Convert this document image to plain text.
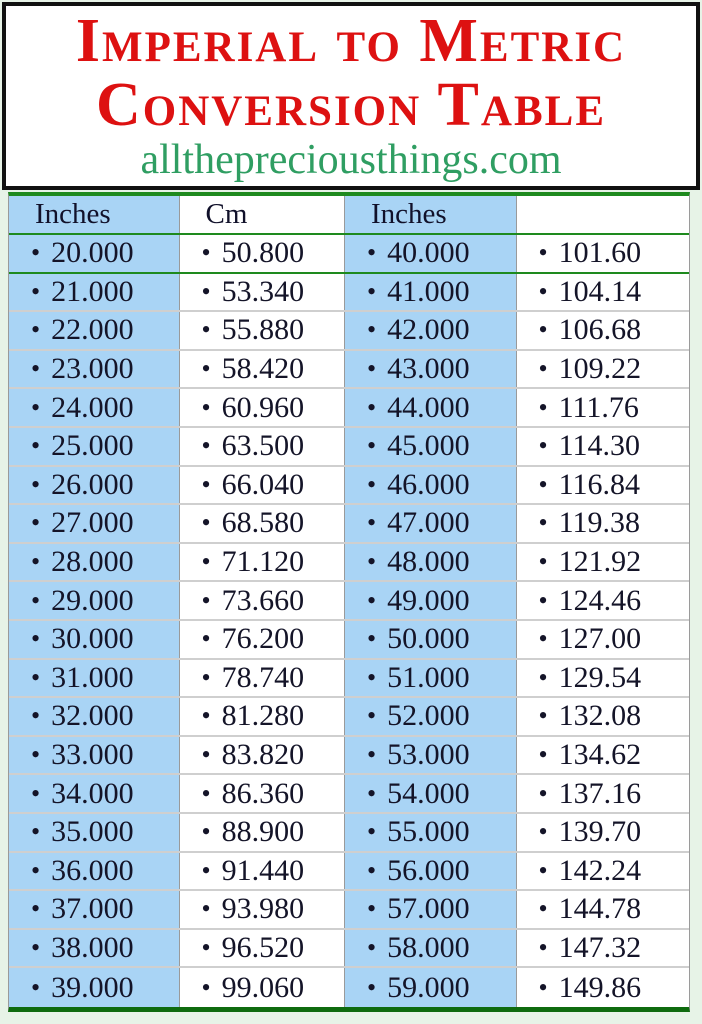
Imperial to Metric
Conversion Table
allthepreciousthings.com
Inches	Cm	Inches
• 20.000	• 50.800 • 40.000	• 101.60
• 21.000	• 53.340 • 41.000	• 104.14
• 22.000	• 55.880 • 42.000	• 106.68
• 23.000	• 58.420 • 43.000	• 109.22
• 24.000	• 60.960 • 44.000	• 111.76
• 25.000	• 63.500 • 45.000	• 114.30
• 26.000	• 66.040 • 46.000	• 116.84
• 27.000	• 68.580 • 47.000	• 119.38
• 28.000	• 71.120 • 48.000	• 121.92
• 29.000	• 73.660 • 49.000	• 124.46
• 30.000	• 76.200 • 50.000	• 127.00
• 31.000	• 78.740 • 51.000	• 129.54
• 32.000	• 81.280 • 52.000	• 132.08
• 33.000	• 83.820 • 53.000	• 134.62
• 34.000	• 86.360 • 54.000	• 137.16
• 35.000	• 88.900 • 55.000	• 139.70
• 36.000	• 91.440 • 56.000	• 142.24
• 37.000	• 93.980 • 57.000	• 144.78
• 38.000	• 96.520 • 58.000	• 147.32
• 39.000	• 99.060 • 59.000	• 149.86
